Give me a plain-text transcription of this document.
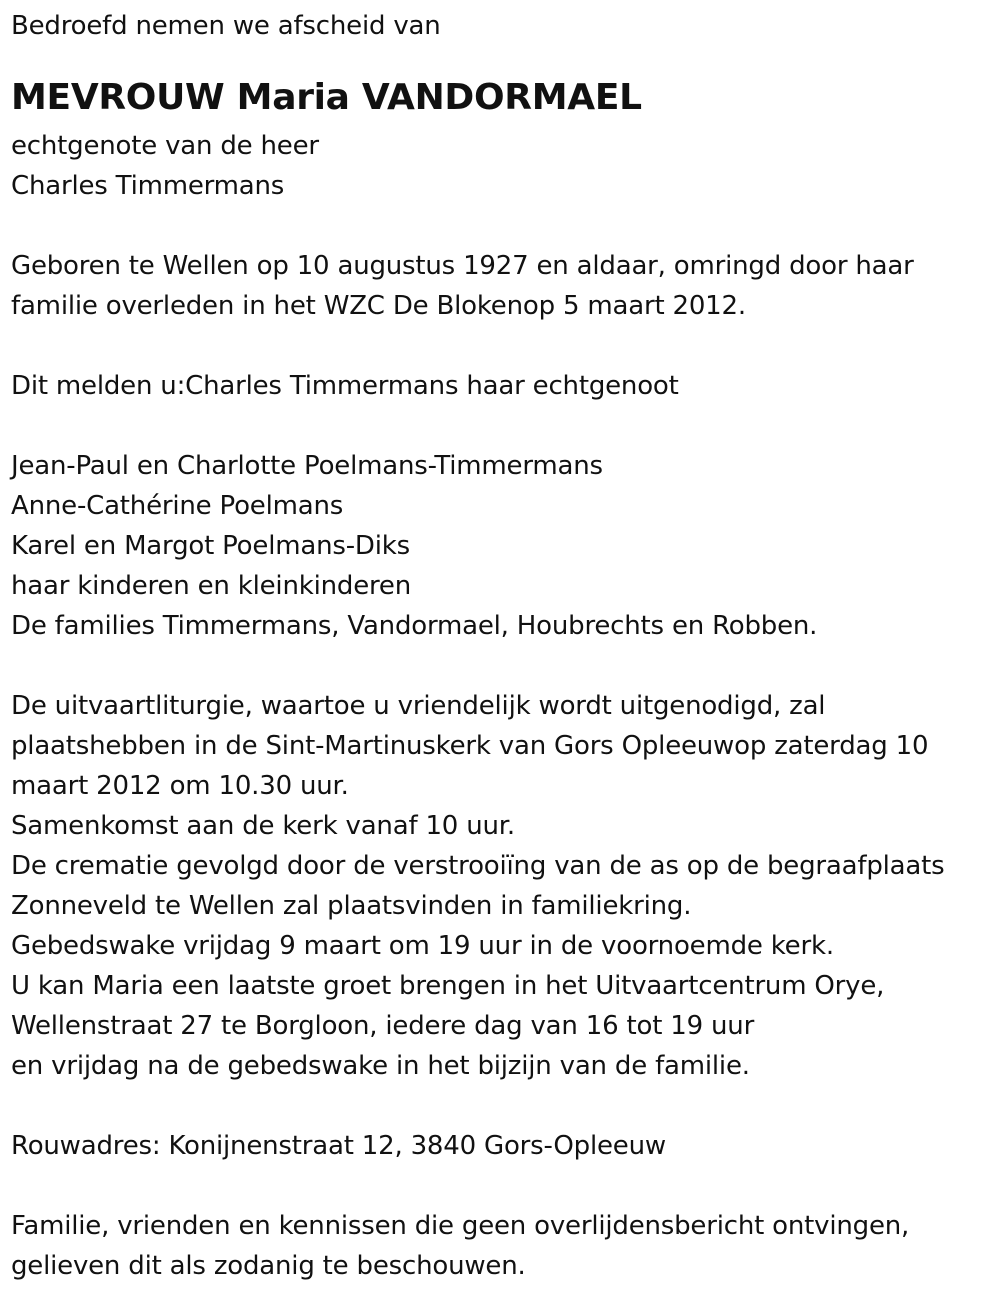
Bedroefd nemen we afscheid van
MEVROUW Maria VANDORMAEL
echtgenote van de heer
Charles Timmermans
Geboren te Wellen op 10 augustus 1927 en aldaar, omringd door haar
familie overleden in het WZC De Blokenop 5 maart 2012.
Dit melden u:Charles Timmermans haar echtgenoot
Jean-Paul en Charlotte Poelmans-Timmermans
Anne-Cathérine Poelmans
Karel en Margot Poelmans-Diks
haar kinderen en kleinkinderen
De families Timmermans, Vandormael, Houbrechts en Robben.
De uitvaartliturgie, waartoe u vriendelijk wordt uitgenodigd, zal
plaatshebben in de Sint-Martinuskerk van Gors Opleeuwop zaterdag 10
maart 2012 om 10.30 uur.
Samenkomst aan de kerk vanaf 10 uur.
De crematie gevolgd door de verstrooiïng van de as op de begraafplaats
Zonneveld te Wellen zal plaatsvinden in familiekring.
Gebedswake vrijdag 9 maart om 19 uur in de voornoemde kerk.
U kan Maria een laatste groet brengen in het Uitvaartcentrum Orye,
Wellenstraat 27 te Borgloon, iedere dag van 16 tot 19 uur
en vrijdag na de gebedswake in het bijzijn van de familie.
Rouwadres: Konijnenstraat 12, 3840 Gors-Opleeuw
Familie, vrienden en kennissen die geen overlijdensbericht ontvingen,
gelieven dit als zodanig te beschouwen.
